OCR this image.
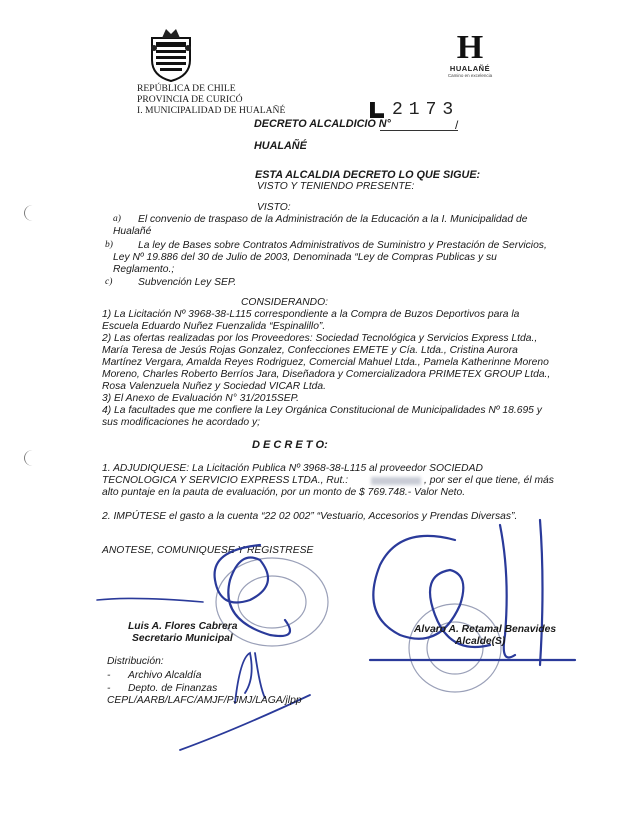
REPÚBLICA DE CHILE
PROVINCIA DE CURICÓ
I. MUNICIPALIDAD DE HUALAÑÉ
H
HUALAÑÉ
Camino en excelencia
DECRETO ALCALDICIO N°	/
2173
HUALAÑÉ
ESTA ALCALDIA DECRETO LO QUE SIGUE:
VISTO Y TENIENDO PRESENTE:
VISTO:
a) El convenio de traspaso de la Administración de la Educación a la I. Municipalidad de
Hualañé
b) La ley de Bases sobre Contratos Administrativos de Suministro y Prestación de Servicios,
Ley Nº 19.886 del 30 de Julio de 2003, Denominada “Ley de Compras Publicas y su
Reglamento.;
c) Subvención Ley SEP.
CONSIDERANDO:
1) La Licitación Nº 3968-38-L115 correspondiente a la Compra de Buzos Deportivos para la
Escuela Eduardo Nuñez Fuenzalida “Espinalillo”.
2) Las ofertas realizadas por los Proveedores: Sociedad Tecnológica y Servicios Express Ltda.,
María Teresa de Jesús Rojas Gonzalez, Confecciones EMETE y Cía. Ltda., Cristina Aurora
Martínez Vergara, Amalda Reyes Rodriguez, Comercial Mahuel Ltda., Pamela Katherinne Moreno
Moreno, Charles Roberto Berríos Jara, Diseñadora y Comercializadora PRIMETEX GROUP Ltda.,
Rosa Valenzuela Nuñez y Sociedad VICAR Ltda.
3) El Anexo de Evaluación N° 31/2015SEP.
4) La facultades que me confiere la Ley Orgánica Constitucional de Municipalidades Nº 18.695 y
sus modificaciones he acordado y;
D E C R E T O:
1. ADJUDIQUESE: La Licitación Publica Nº 3968-38-L115 al proveedor SOCIEDAD
TECNOLOGICA Y SERVICIO EXPRESS LTDA., Rut.:	, por ser el que tiene, él más
alto puntaje en la pauta de evaluación, por un monto de $ 769.748.- Valor Neto.
2. IMPÚTESE el gasto a la cuenta “22 02 002” “Vestuario, Accesorios y Prendas Diversas”.
ANOTESE, COMUNIQUESE Y REGISTRESE
Luis A. Flores Cabrera
Secretario Municipal
Alvaro A. Retamal Benavides
Alcalde(S)
Distribución:
- Archivo Alcaldía
- Depto. de Finanzas
CEPL/AARB/LAFC/AMJF/PJMJ/LAGA/jlpp
